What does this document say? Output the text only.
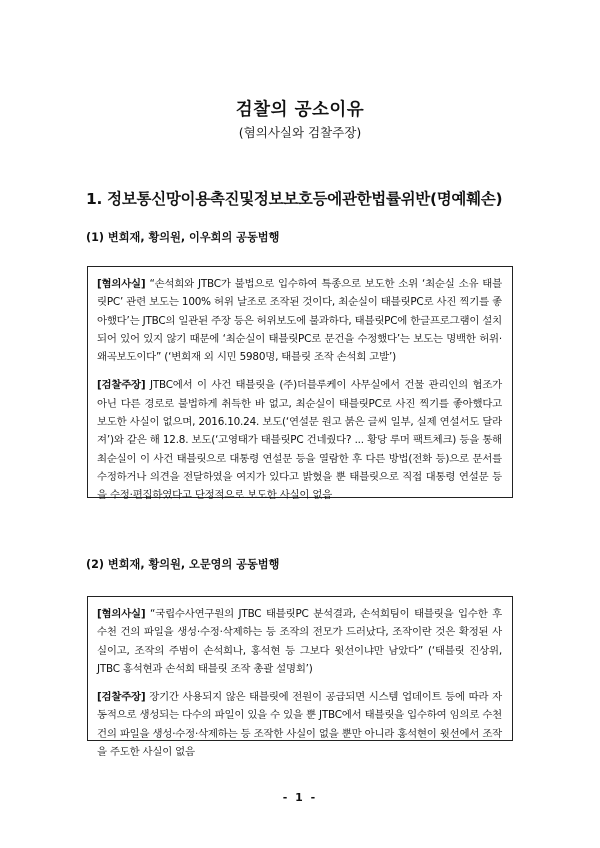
검찰의 공소이유
(혐의사실와 검찰주장)
1. 정보통신망이용촉진및정보보호등에관한법률위반(명예훼손)
(1) 변희재, 황의원, 이우희의 공동범행

[혐의사실] “손석희와 JTBC가 불법으로 입수하여 특종으로 보도한 소위 ‘최순실 소유 태블릿PC’ 관련 보도는 100% 허위 날조로 조작된 것이다, 최순실이 태블릿PC로 사진 찍기를 좋아했다’는 JTBC의 일관된 주장 등은 허위보도에 불과하다, 태블릿PC에 한글프로그램이 설치되어 있어 있지 않기 때문에 ‘최순실이 태블릿PC로 문건을 수정했다’는 보도는 명백한 허위·왜곡보도이다” (‘변희재 외 시민 5980명, 태블릿 조작 손석희 고발’)

[검찰주장] JTBC에서 이 사건 태블릿을 (주)더블루케이 사무실에서 건물 관리인의 협조가 아닌 다른 경로로 불법하게 취득한 바 없고, 최순실이 태블릿PC로 사진 찍기를 좋아했다고 보도한 사실이 없으며, 2016.10.24. 보도(‘연설문 원고 붉은 글씨 일부, 실제 연설서도 달라져’)와 같은 해 12.8. 보도(‘고영태가 태블릿PC 건네줬다? ... 황당 루머 팩트체크) 등을 통해 최순실이 이 사건 태블릿으로 대통령 연설문 등을 열람한 후 다른 방법(전화 등)으로 문서를 수정하거나 의견을 전달하였을 여지가 있다고 밝혔을 뿐 태블릿으로 직접 대통령 연설문 등을 수정·편집하였다고 단정적으로 보도한 사실이 없음

(2) 변희재, 황의원, 오문영의 공동범행

[혐의사실] “국립수사연구원의 JTBC 태블릿PC 분석결과, 손석희팀이 태블릿을 입수한 후 수천 건의 파일을 생성·수정·삭제하는 등 조작의 전모가 드러났다, 조작이란 것은 확정된 사실이고, 조작의 주범이 손석희나, 홍석현 등 그보다 윗선이냐만 남았다” (‘태블릿 진상위, JTBC 홍석현과 손석희 태블릿 조작 총괄 설명회’)

[검찰주장] 장기간 사용되지 않은 태블릿에 전원이 공급되면 시스템 업데이트 등에 따라 자동적으로 생성되는 다수의 파일이 있을 수 있을 뿐 JTBC에서 태블릿을 입수하여 임의로 수천 건의 파일을 생성·수정·삭제하는 등 조작한 사실이 없을 뿐만 아니라 홍석현이 윗선에서 조작을 주도한 사실이 없음

- 1 -
